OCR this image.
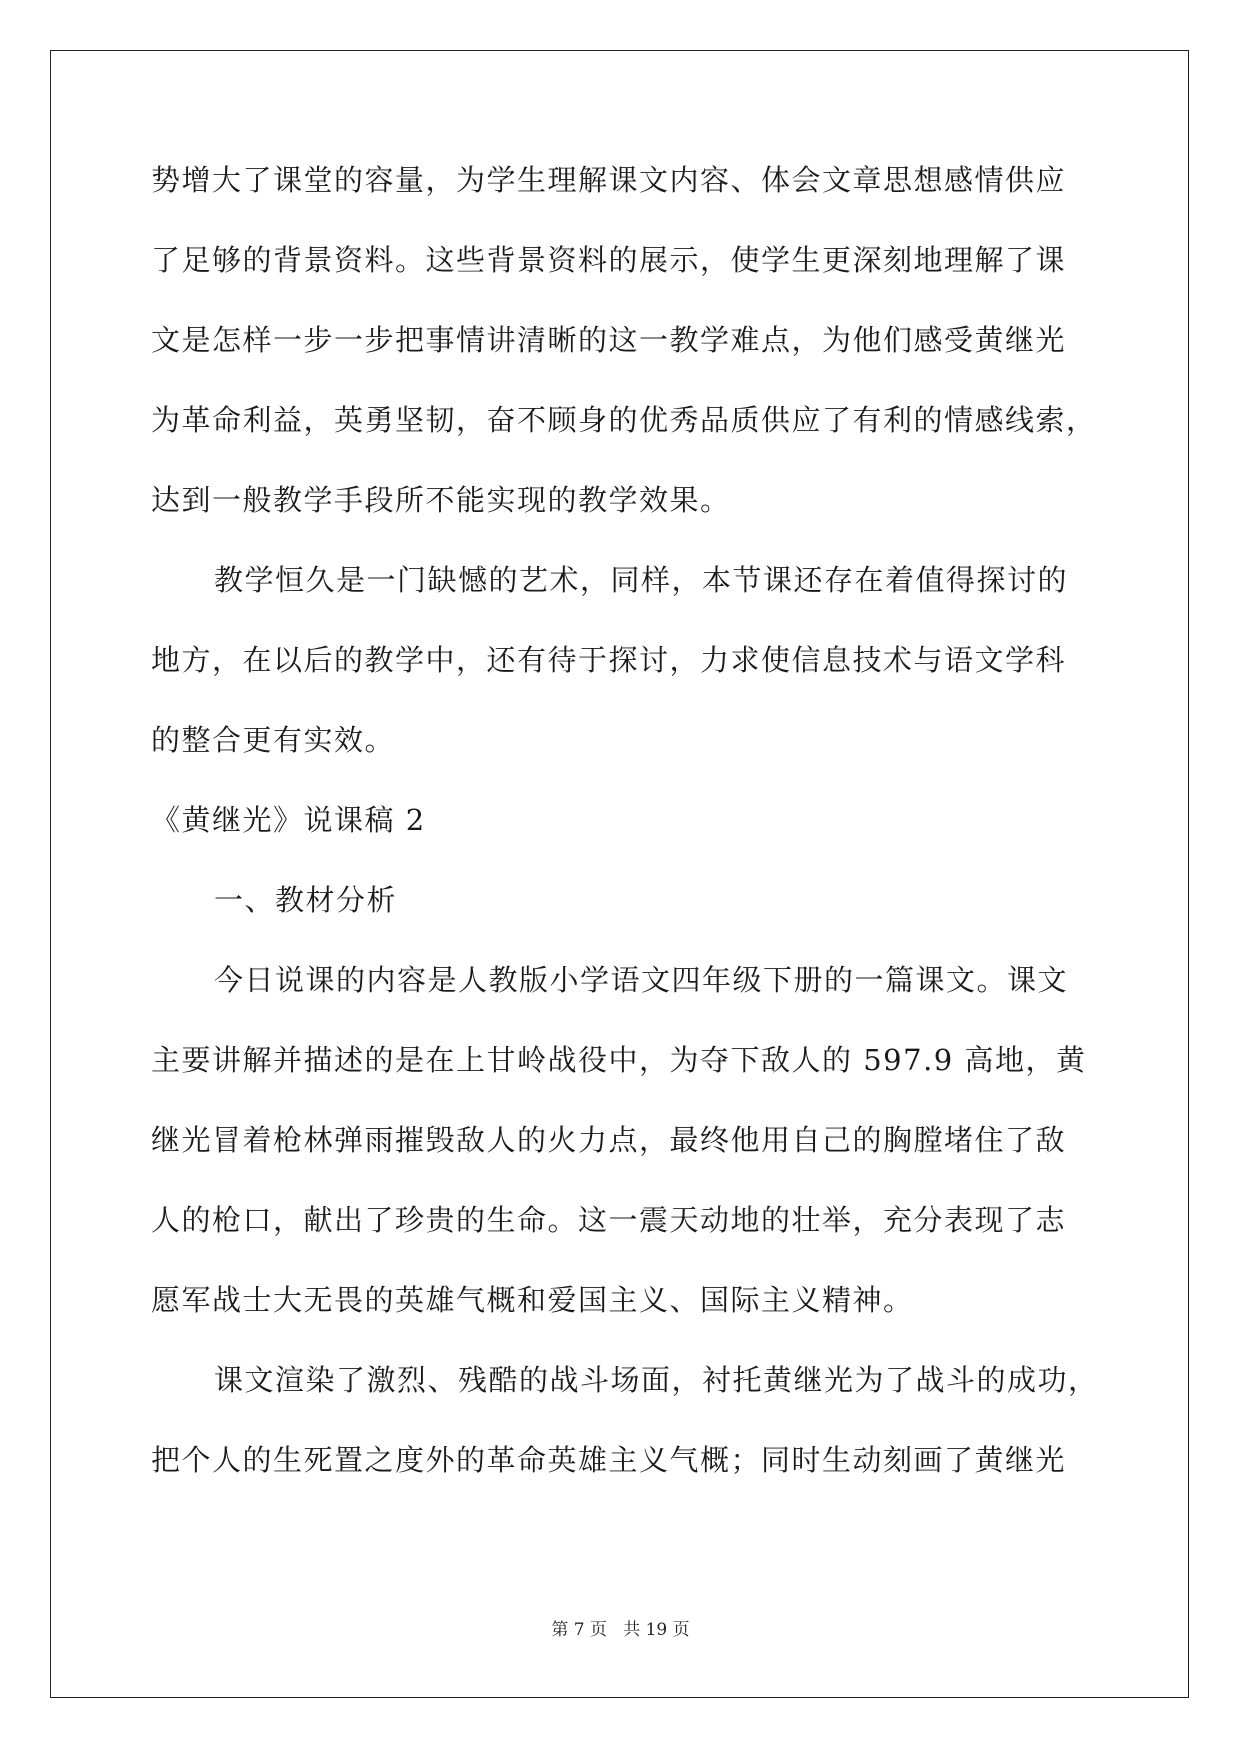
势增大了课堂的容量，为学生理解课文内容、体会文章思想感情供应
了足够的背景资料。这些背景资料的展示，使学生更深刻地理解了课
文是怎样一步一步把事情讲清晰的这一教学难点，为他们感受黄继光
为革命利益，英勇坚韧，奋不顾身的优秀品质供应了有利的情感线索，
达到一般教学手段所不能实现的教学效果。
教学恒久是一门缺憾的艺术，同样，本节课还存在着值得探讨的
地方，在以后的教学中，还有待于探讨，力求使信息技术与语文学科
的整合更有实效。
《黄继光》说课稿 2
一、教材分析
今日说课的内容是人教版小学语文四年级下册的一篇课文。课文
主要讲解并描述的是在上甘岭战役中，为夺下敌人的 597.9 高地，黄
继光冒着枪林弹雨摧毁敌人的火力点，最终他用自己的胸膛堵住了敌
人的枪口，献出了珍贵的生命。这一震天动地的壮举，充分表现了志
愿军战士大无畏的英雄气概和爱国主义、国际主义精神。
课文渲染了激烈、残酷的战斗场面，衬托黄继光为了战斗的成功，
把个人的生死置之度外的革命英雄主义气概；同时生动刻画了黄继光
第 7 页   共 19 页
